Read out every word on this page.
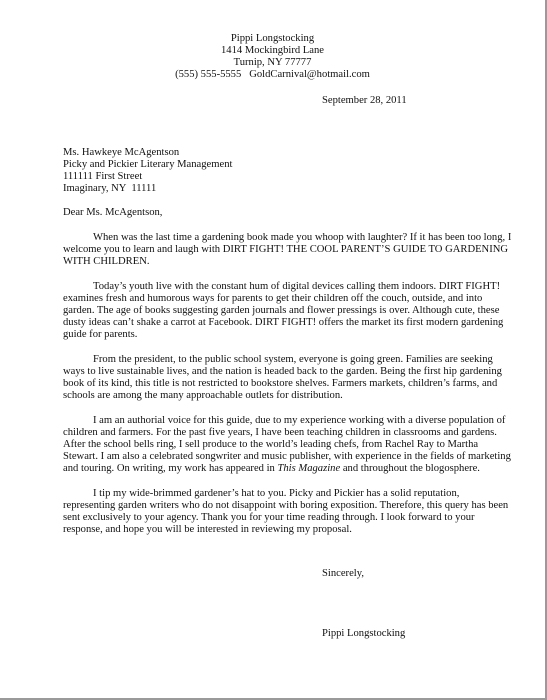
Pippi Longstocking
1414 Mockingbird Lane
Turnip, NY 77777
(555) 555-5555   GoldCarnival@hotmail.com
September 28, 2011
Ms. Hawkeye McAgentson
Picky and Pickier Literary Management
111111 First Street
Imaginary, NY  11111
Dear Ms. McAgentson,

When was the last time a gardening book made you whoop with laughter? If it has been too long, I welcome you to learn and laugh with DIRT FIGHT! THE COOL PARENT’S GUIDE TO GARDENING WITH CHILDREN.

Today’s youth live with the constant hum of digital devices calling them indoors. DIRT FIGHT! examines fresh and humorous ways for parents to get their children off the couch, outside, and into garden. The age of books suggesting garden journals and flower pressings is over. Although cute, these dusty ideas can’t shake a carrot at Facebook. DIRT FIGHT! offers the market its first modern gardening guide for parents.

From the president, to the public school system, everyone is going green. Families are seeking ways to live sustainable lives, and the nation is headed back to the garden. Being the first hip gardening book of its kind, this title is not restricted to bookstore shelves. Farmers markets, children’s farms, and schools are among the many approachable outlets for distribution.

I am an authorial voice for this guide, due to my experience working with a diverse population of children and farmers. For the past five years, I have been teaching children in classrooms and gardens. After the school bells ring, I sell produce to the world’s leading chefs, from Rachel Ray to Martha Stewart. I am also a celebrated songwriter and music publisher, with experience in the fields of marketing and touring. On writing, my work has appeared in This Magazine and throughout the blogosphere.

I tip my wide-brimmed gardener’s hat to you. Picky and Pickier has a solid reputation, representing garden writers who do not disappoint with boring exposition. Therefore, this query has been sent exclusively to your agency. Thank you for your time reading through. I look forward to your response, and hope you will be interested in reviewing my proposal.

Sincerely,
Pippi Longstocking
